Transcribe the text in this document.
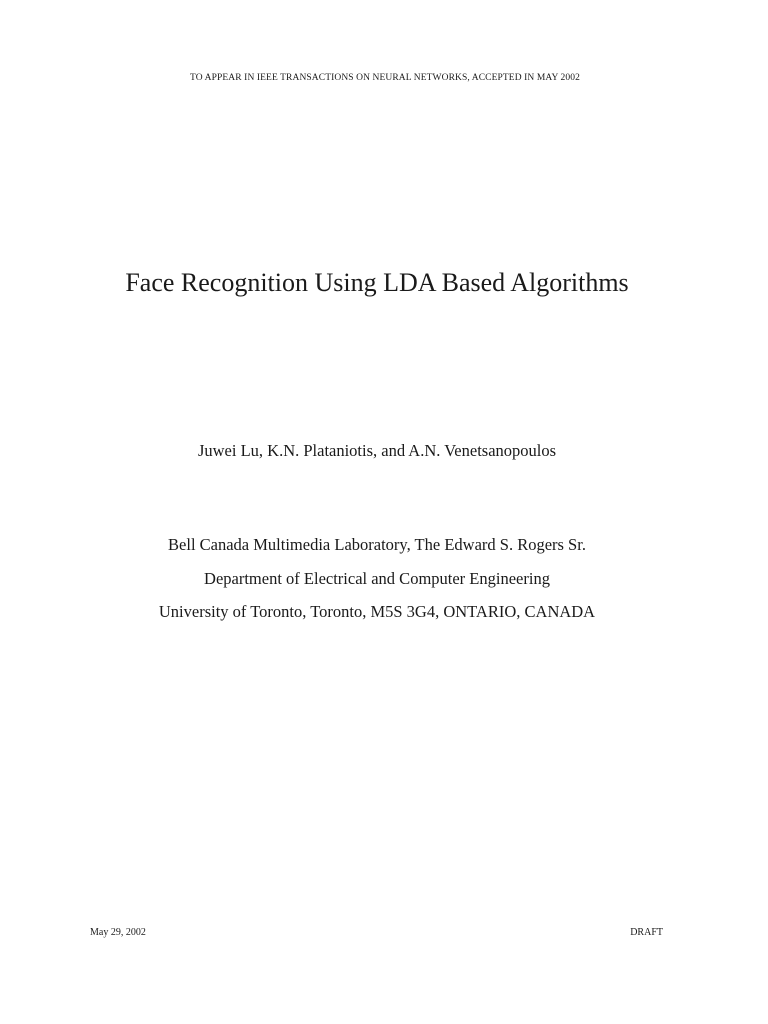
TO APPEAR IN IEEE TRANSACTIONS ON NEURAL NETWORKS, ACCEPTED IN MAY 2002
Face Recognition Using LDA Based Algorithms
Juwei Lu, K.N. Plataniotis, and A.N. Venetsanopoulos
Bell Canada Multimedia Laboratory, The Edward S. Rogers Sr.
Department of Electrical and Computer Engineering
University of Toronto, Toronto, M5S 3G4, ONTARIO, CANADA
May 29, 2002	DRAFT
